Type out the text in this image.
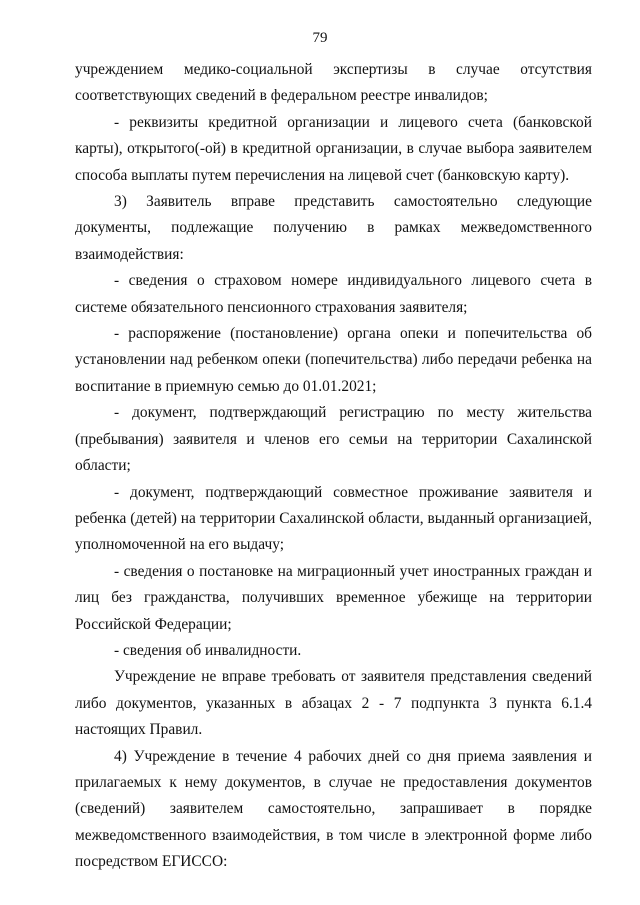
79

учреждением медико-социальной экспертизы в случае отсутствия соответствующих сведений в федеральном реестре инвалидов;

- реквизиты кредитной организации и лицевого счета (банковской карты), открытого(-ой) в кредитной организации, в случае выбора заявителем способа выплаты путем перечисления на лицевой счет (банковскую карту).

3) Заявитель вправе представить самостоятельно следующие документы, подлежащие получению в рамках межведомственного взаимодействия:

- сведения о страховом номере индивидуального лицевого счета в системе обязательного пенсионного страхования заявителя;

- распоряжение (постановление) органа опеки и попечительства об установлении над ребенком опеки (попечительства) либо передачи ребенка на воспитание в приемную семью до 01.01.2021;

- документ, подтверждающий регистрацию по месту жительства (пребывания) заявителя и членов его семьи на территории Сахалинской области;

- документ, подтверждающий совместное проживание заявителя и ребенка (детей) на территории Сахалинской области, выданный организацией, уполномоченной на его выдачу;

- сведения о постановке на миграционный учет иностранных граждан и лиц без гражданства, получивших временное убежище на территории Российской Федерации;

- сведения об инвалидности.

Учреждение не вправе требовать от заявителя представления сведений либо документов, указанных в абзацах 2 - 7 подпункта 3 пункта 6.1.4 настоящих Правил.

4) Учреждение в течение 4 рабочих дней со дня приема заявления и прилагаемых к нему документов, в случае не предоставления документов (сведений) заявителем самостоятельно, запрашивает в порядке межведомственного взаимодействия, в том числе в электронной форме либо посредством ЕГИССО:
